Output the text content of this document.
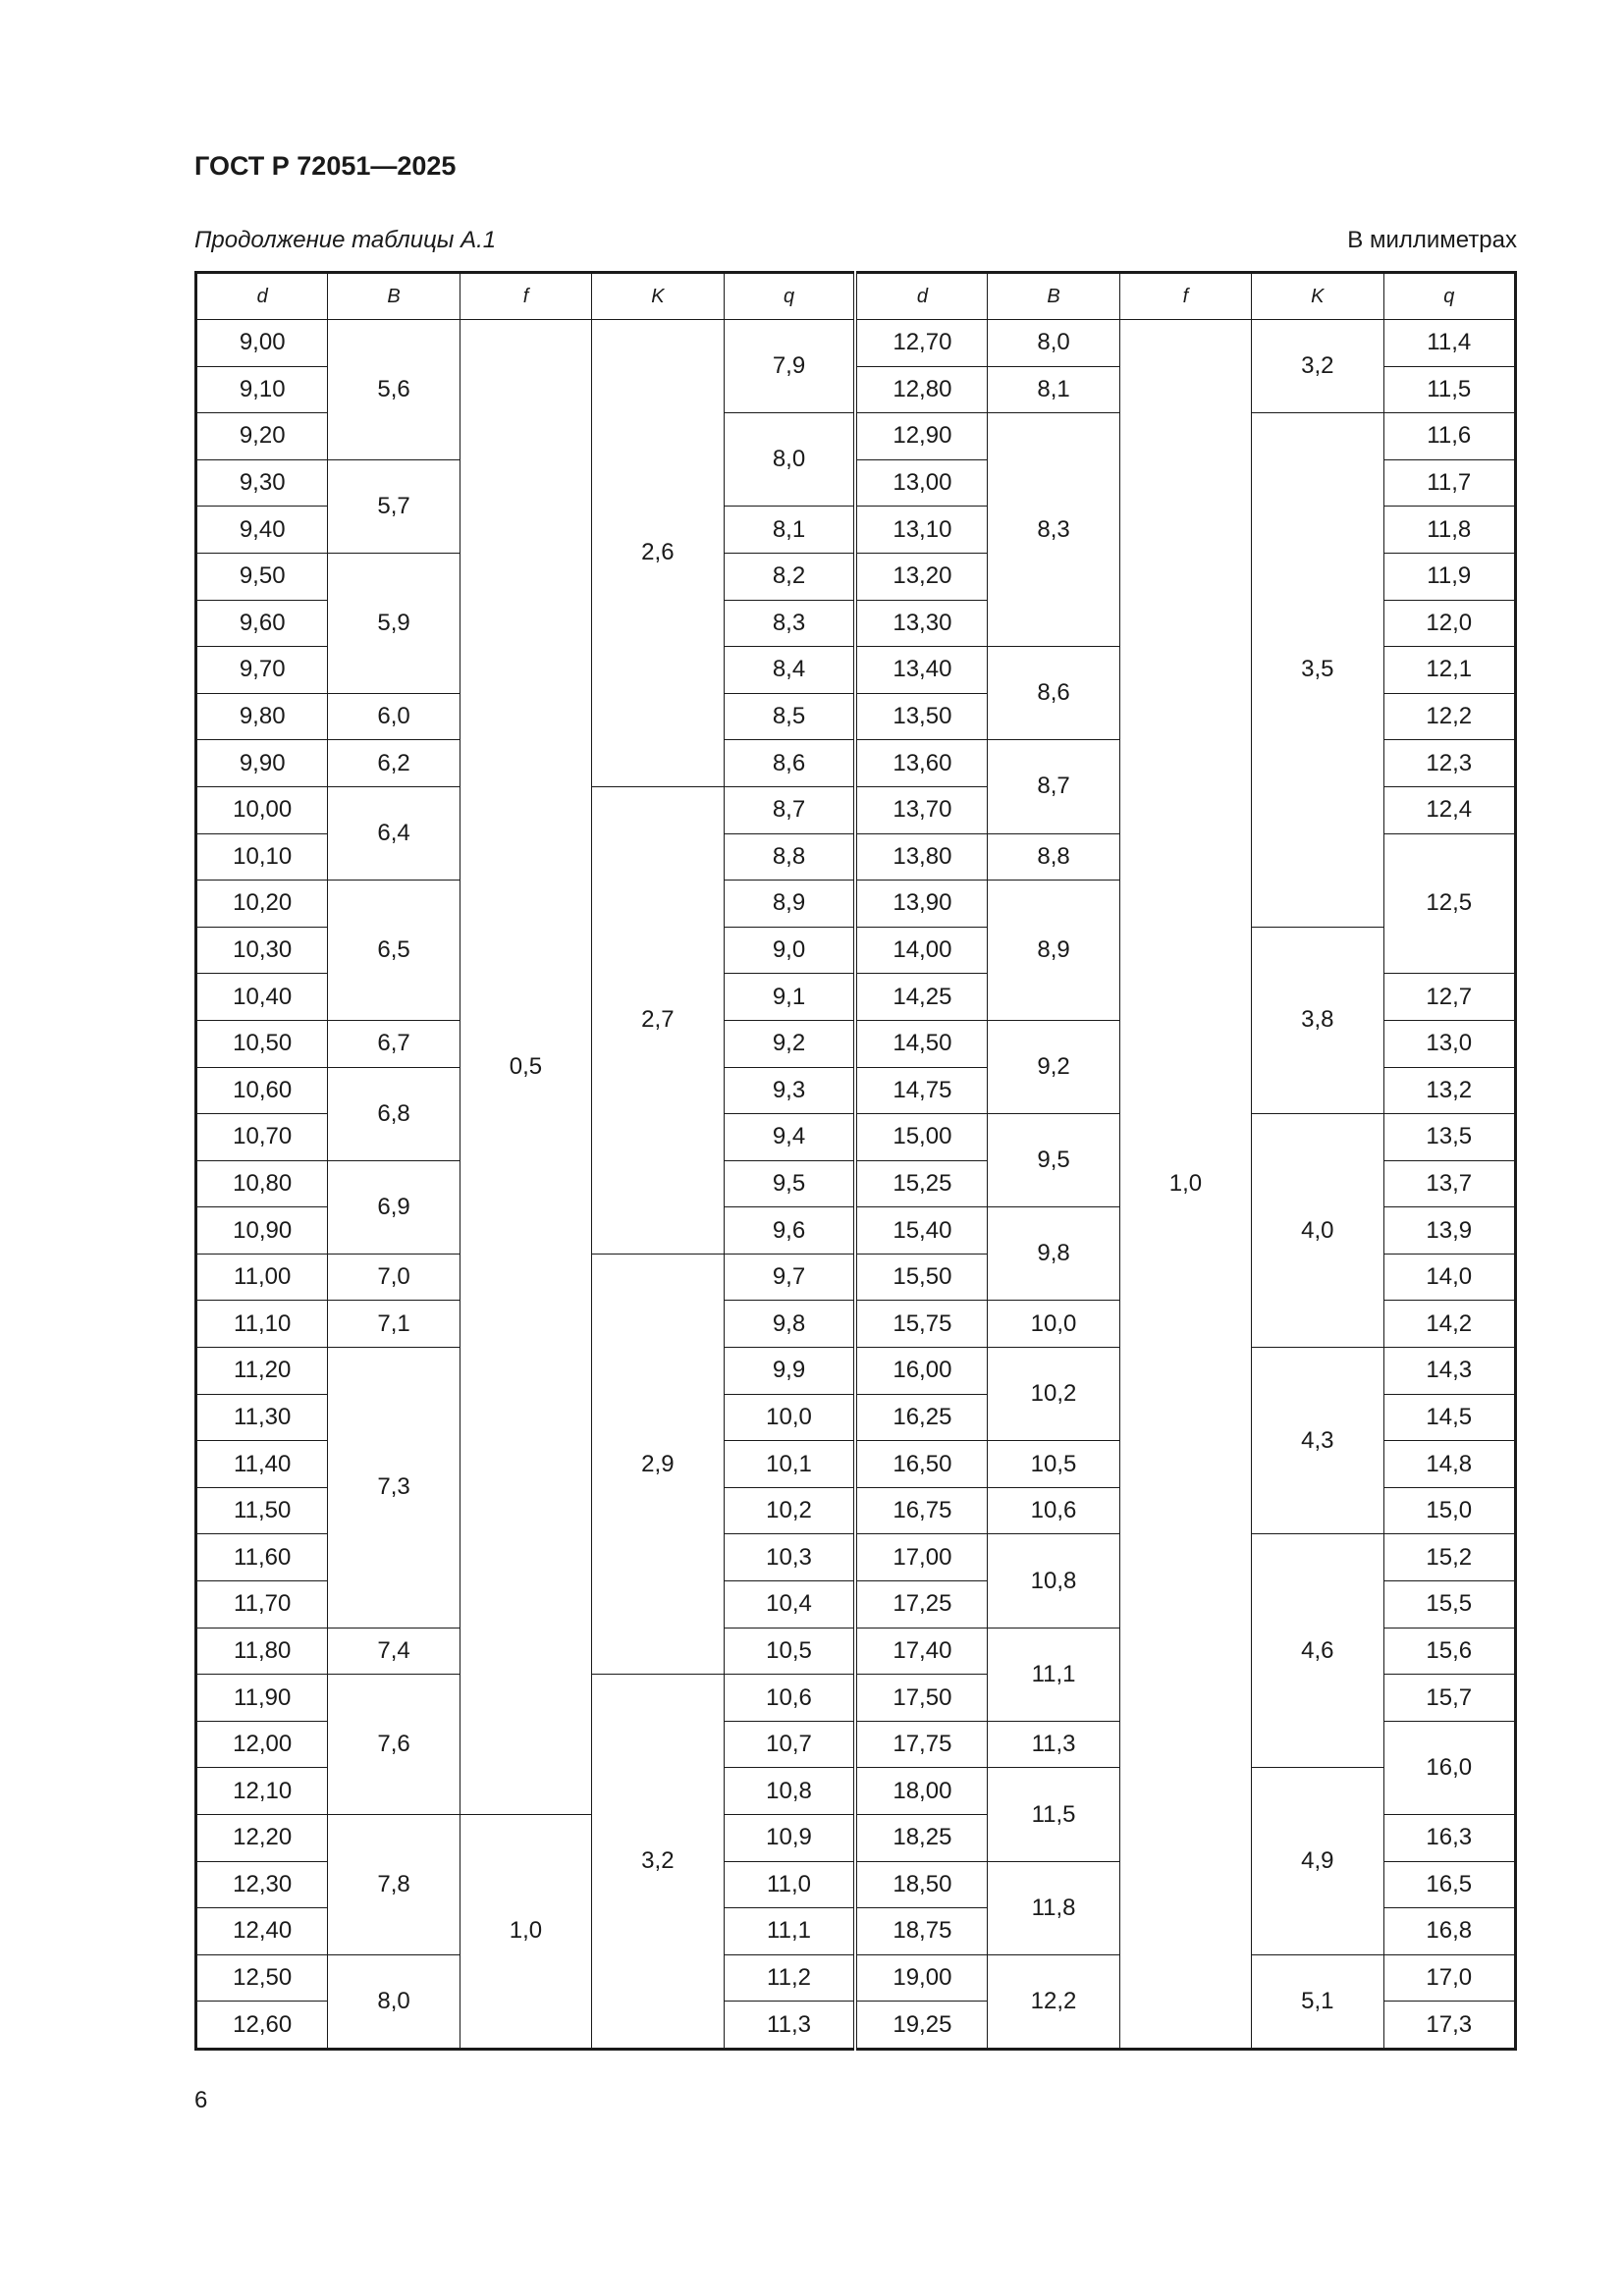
ГОСТ Р 72051—2025
Продолжение таблицы А.1	В миллиметрах
d	B	f	K	q	d	B	f	K	q
9,00	5,6	0,5	2,6	7,9	12,70	8,0	1,0	3,2	11,4
9,10					12,80	8,1			11,5
9,20				8,0	12,90	8,3		3,5	11,6
9,30	5,7				13,00				11,7
9,40				8,1	13,10				11,8
9,50	5,9			8,2	13,20				11,9
9,60				8,3	13,30				12,0
9,70				8,4	13,40	8,6			12,1
9,80	6,0			8,5	13,50				12,2
9,90	6,2			8,6	13,60	8,7			12,3
10,00	6,4		2,7	8,7	13,70				12,4
10,10				8,8	13,80	8,8			12,5
10,20	6,5			8,9	13,90	8,9			
10,30				9,0	14,00			3,8	
10,40				9,1	14,25				12,7
10,50	6,7			9,2	14,50	9,2			13,0
10,60	6,8			9,3	14,75				13,2
10,70				9,4	15,00	9,5		4,0	13,5
10,80	6,9			9,5	15,25				13,7
10,90				9,6	15,40	9,8			13,9
11,00	7,0		2,9	9,7	15,50				14,0
11,10	7,1			9,8	15,75	10,0			14,2
11,20	7,3			9,9	16,00	10,2		4,3	14,3
11,30				10,0	16,25				14,5
11,40				10,1	16,50	10,5			14,8
11,50				10,2	16,75	10,6			15,0
11,60				10,3	17,00	10,8		4,6	15,2
11,70				10,4	17,25				15,5
11,80	7,4			10,5	17,40	11,1			15,6
11,90	7,6		3,2	10,6	17,50				15,7
12,00				10,7	17,75	11,3			16,0
12,10				10,8	18,00	11,5		4,9	
12,20	7,8	1,0		10,9	18,25				16,3
12,30				11,0	18,50	11,8			16,5
12,40				11,1	18,75				16,8
12,50	8,0			11,2	19,00	12,2		5,1	17,0
12,60				11,3	19,25				17,3
6
